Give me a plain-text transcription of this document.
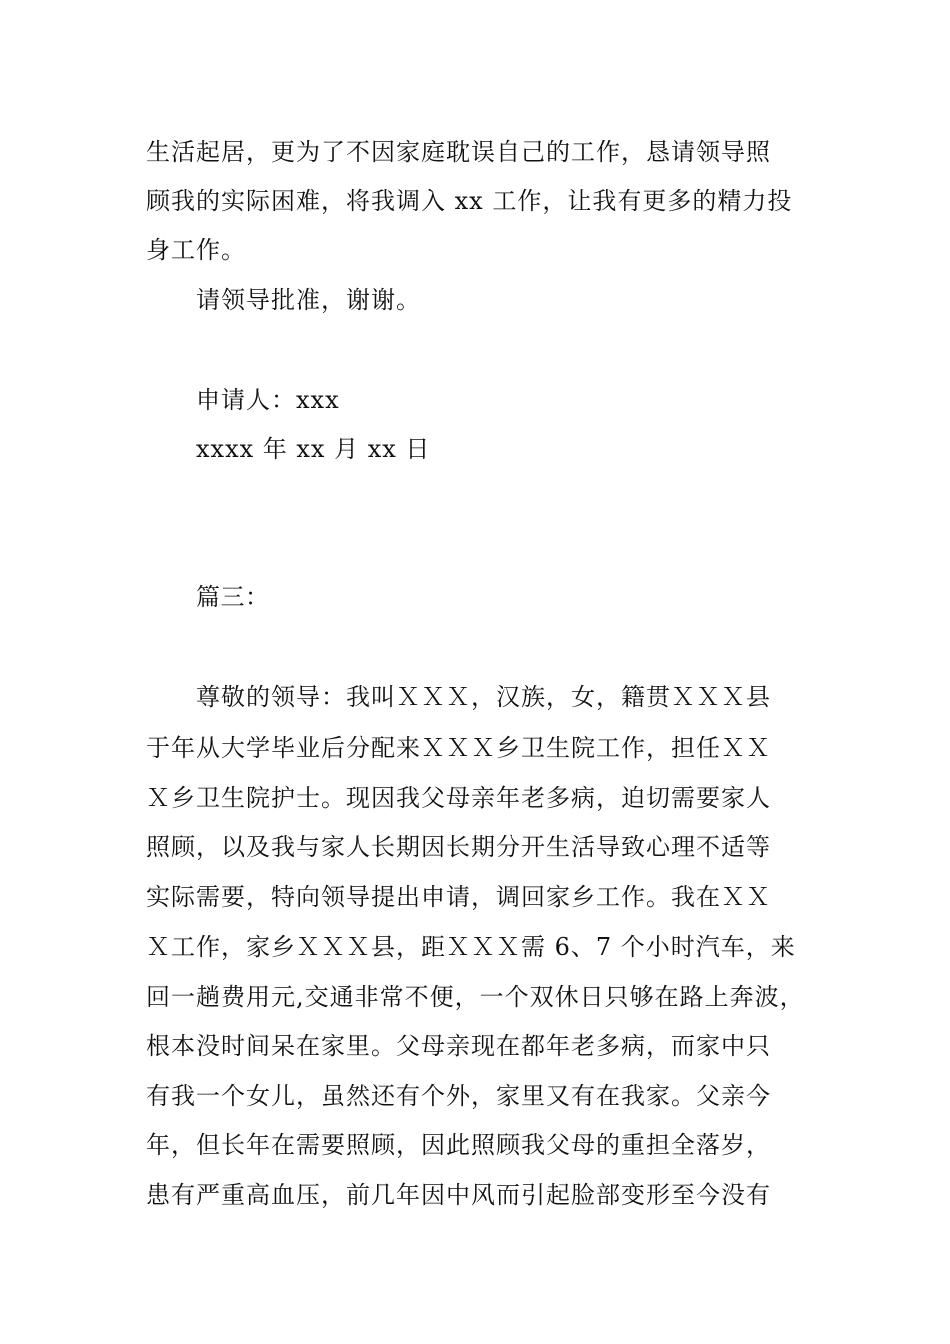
生活起居，更为了不因家庭耽误自己的工作，恳请领导照
顾我的实际困难，将我调入 xx 工作，让我有更多的精力投
身工作。
请领导批准，谢谢。
申请人：xxx
xxxx 年 xx 月 xx 日
篇三：
尊敬的领导：我叫ＸＸＸ，汉族，女，籍贯ＸＸＸ县
于年从大学毕业后分配来ＸＸＸ乡卫生院工作，担任ＸＸ
Ｘ乡卫生院护士。现因我父母亲年老多病，迫切需要家人
照顾，以及我与家人长期因长期分开生活导致心理不适等
实际需要，特向领导提出申请，调回家乡工作。我在ＸＸ
Ｘ工作，家乡ＸＸＸ县，距ＸＸＸ需 6、7 个小时汽车，来
回一趟费用元,交通非常不便，一个双休日只够在路上奔波，
根本没时间呆在家里。父母亲现在都年老多病，而家中只
有我一个女儿，虽然还有个外，家里又有在我家。父亲今
年，但长年在需要照顾，因此照顾我父母的重担全落岁，
患有严重高血压，前几年因中风而引起脸部变形至今没有
